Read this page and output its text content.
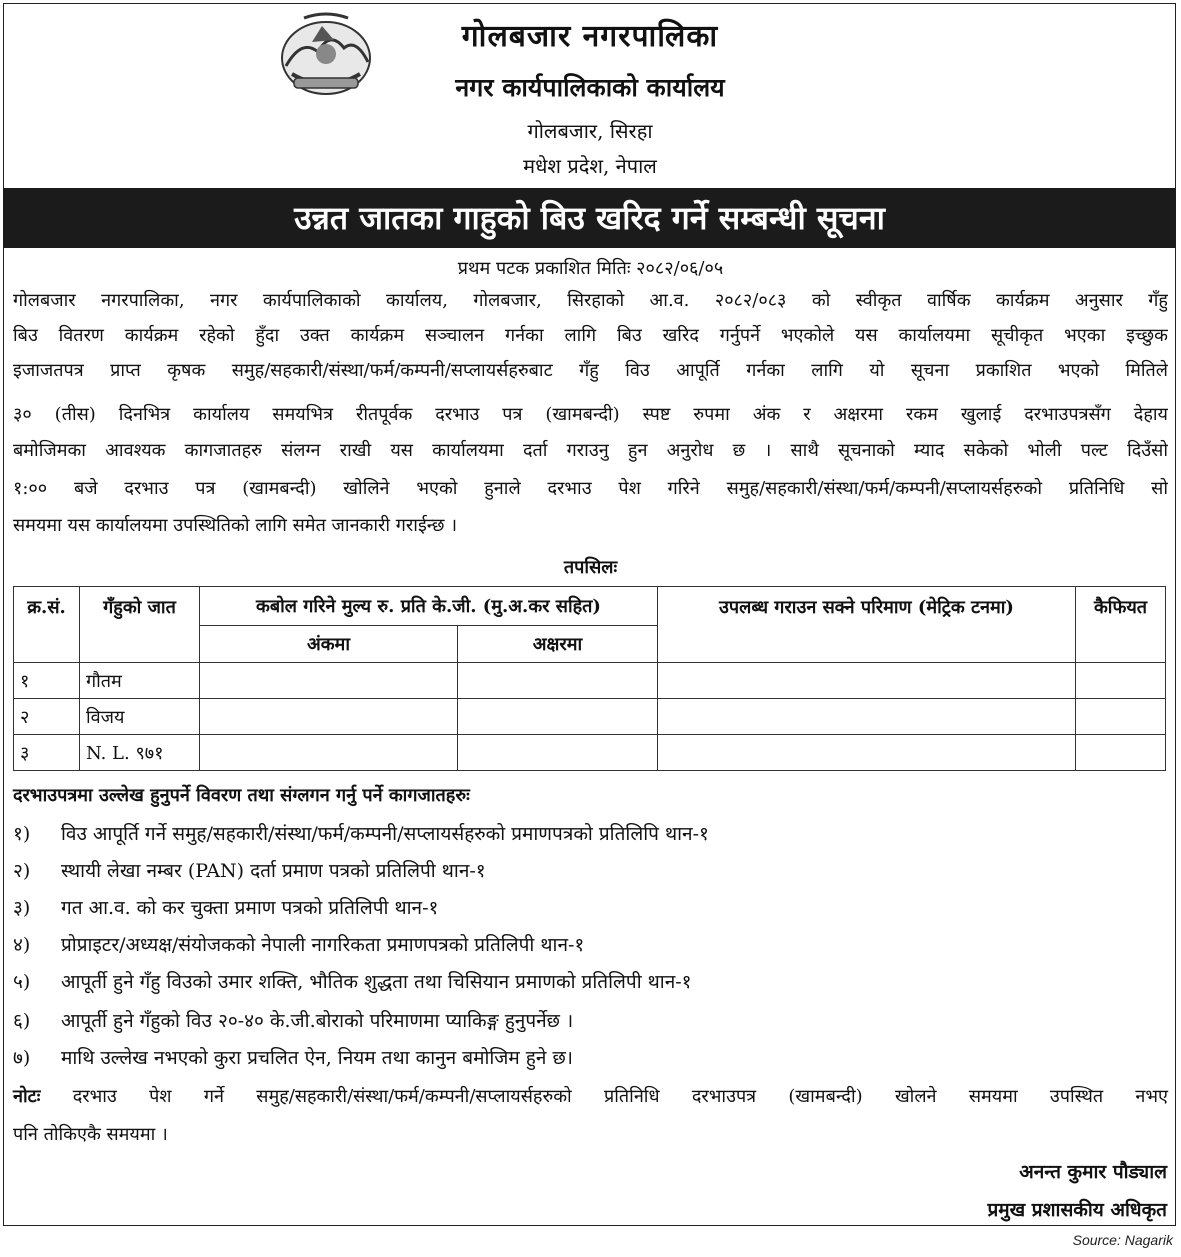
गोलबजार नगरपालिका
नगर कार्यपालिकाको कार्यालय
गोलबजार, सिरहा
मधेश प्रदेश, नेपाल
उन्नत जातका गाहुको बिउ खरिद गर्ने सम्बन्धी सूचना
प्रथम पटक प्रकाशित मितिः २०८२/०६/०५
गोलबजार नगरपालिका, नगर कार्यपालिकाको कार्यालय, गोलबजार, सिरहाको आ.व. २०८२/०८३ को स्वीकृत वार्षिक कार्यक्रम अनुसार गँहु
बिउ वितरण कार्यक्रम रहेको हुँदा उक्त कार्यक्रम सञ्चालन गर्नका लागि बिउ खरिद गर्नुपर्ने भएकोले यस कार्यालयमा सूचीकृत भएका इच्छुक
इजाजतपत्र प्राप्त कृषक समुह/सहकारी/संस्था/फर्म/कम्पनी/सप्लायर्सहरुबाट गँहु विउ आपूर्ति गर्नका लागि यो सूचना प्रकाशित भएको मितिले
३० (तीस) दिनभित्र कार्यालय समयभित्र रीतपूर्वक दरभाउ पत्र (खामबन्दी) स्पष्ट रुपमा अंक र अक्षरमा रकम खुलाई दरभाउपत्रसँग देहाय
बमोजिमका आवश्यक कागजातहरु संलग्न राखी यस कार्यालयमा दर्ता गराउनु हुन अनुरोध छ । साथै सूचनाको म्याद सकेको भोली पल्ट दिउँसो
१:०० बजे दरभाउ पत्र (खामबन्दी) खोलिने भएको हुनाले दरभाउ पेश गरिने समुह/सहकारी/संस्था/फर्म/कम्पनी/सप्लायर्सहरुको प्रतिनिधि सो
समयमा यस कार्यालयमा उपस्थितिको लागि समेत जानकारी गराईन्छ ।
तपसिलः
क्र.सं.	गँहुको जात	कबोल गरिने मुल्य रु. प्रति के.जी. (मु.अ.कर सहित)		उपलब्ध गराउन सक्ने परिमाण (मेट्रिक टनमा)	कैफियत
		अंकमा	अक्षरमा		
१	गौतम				
२	विजय				
३	N. L. ९७१				
दरभाउपत्रमा उल्लेख हुनुपर्ने विवरण तथा संग्लगन गर्नु पर्ने कागजातहरुः
१) विउ आपूर्ति गर्ने समुह/सहकारी/संस्था/फर्म/कम्पनी/सप्लायर्सहरुको प्रमाणपत्रको प्रतिलिपि थान-१
२) स्थायी लेखा नम्बर (PAN) दर्ता प्रमाण पत्रको प्रतिलिपी थान-१
३) गत आ.व. को कर चुक्ता प्रमाण पत्रको प्रतिलिपी थान-१
४) प्रोप्राइटर/अध्यक्ष/संयोजकको नेपाली नागरिकता प्रमाणपत्रको प्रतिलिपी थान-१
५) आपूर्ती हुने गँहु विउको उमार शक्ति, भौतिक शुद्धता तथा चिसियान प्रमाणको प्रतिलिपी थान-१
६) आपूर्ती हुने गँहुको विउ २०-४० के.जी.बोराको परिमाणमा प्याकिङ्ग हुनुपर्नेछ ।
७) माथि उल्लेख नभएको कुरा प्रचलित ऐन, नियम तथा कानुन बमोजिम हुने छ।
नोटः दरभाउ पेश गर्ने समुह/सहकारी/संस्था/फर्म/कम्पनी/सप्लायर्सहरुको प्रतिनिधि दरभाउपत्र (खामबन्दी) खोलने समयमा उपस्थित नभए
पनि तोकिएकै समयमा ।
अनन्त कुमार पौड्याल
प्रमुख प्रशासकीय अधिकृत
Source: Nagarik
